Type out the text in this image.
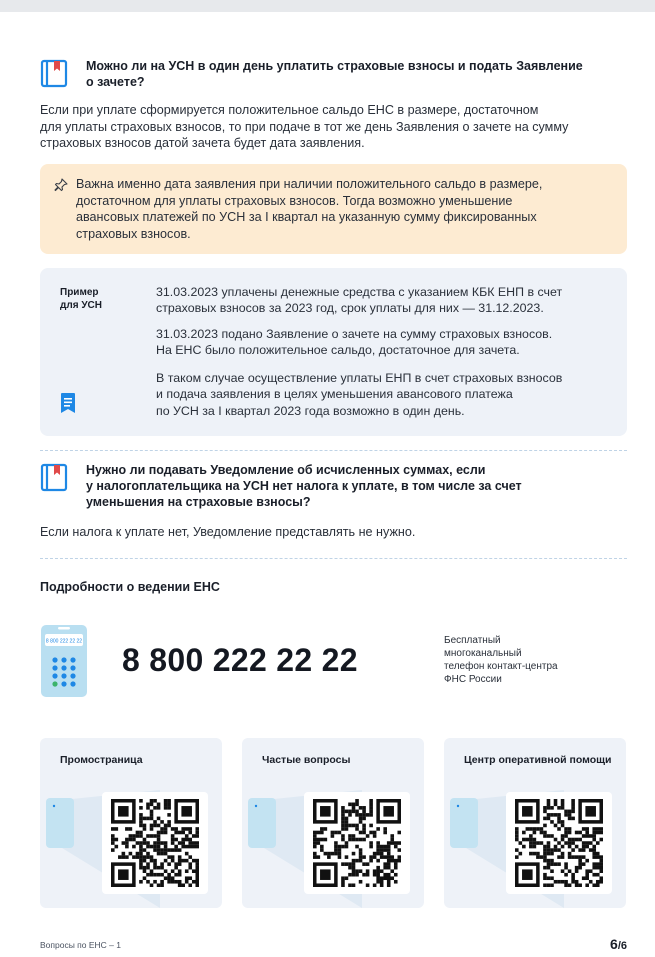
Можно ли на УСН в один день уплатить страховые взносы и подать Заявление
о зачете?
Если при уплате сформируется положительное сальдо ЕНС в размере, достаточном
для уплаты страховых взносов, то при подаче в тот же день Заявления о зачете на сумму
страховых взносов датой зачета будет дата заявления.
Важна именно дата заявления при наличии положительного сальдо в размере,
достаточном для уплаты страховых взносов. Тогда возможно уменьшение
авансовых платежей по УСН за I квартал на указанную сумму фиксированных
страховых взносов.
Пример
для УСН
31.03.2023 уплачены денежные средства с указанием КБК ЕНП в счет
страховых взносов за 2023 год, срок уплаты для них — 31.12.2023.
31.03.2023 подано Заявление о зачете на сумму страховых взносов.
На ЕНС было положительное сальдо, достаточное для зачета.
В таком случае осуществление уплаты ЕНП в счет страховых взносов
и подача заявления в целях уменьшения авансового платежа
по УСН за I квартал 2023 года возможно в один день.
Нужно ли подавать Уведомление об исчисленных суммах, если
у налогоплательщика на УСН нет налога к уплате, в том числе за счет
уменьшения на страховые взносы?
Если налога к уплате нет, Уведомление представлять не нужно.
Подробности о ведении ЕНС
8 800 222 22 22
8 800 222 22 22
Бесплатный
многоканальный
телефон контакт-центра
ФНС России
Промостраница	Частые вопросы	Центр оперативной помощи
Вопросы по ЕНС – 1	6/6
